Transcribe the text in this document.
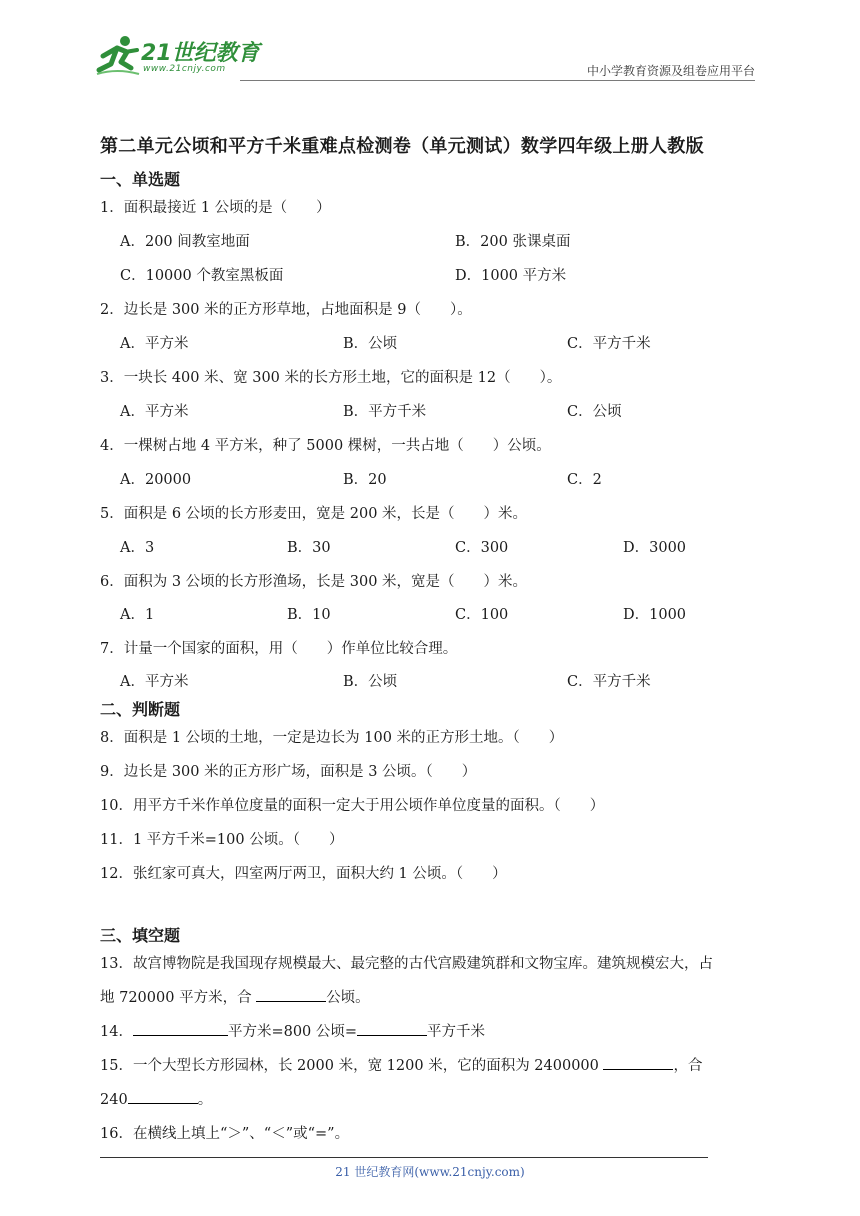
21世纪教育
www.21cnjy.com	中小学教育资源及组卷应用平台
第二单元公顷和平方千米重难点检测卷（单元测试）数学四年级上册人教版
一、单选题
1．面积最接近 1 公顷的是（　　）
A．200 间教室地面	B．200 张课桌面
C．10000 个教室黑板面	D．1000 平方米
2．边长是 300 米的正方形草地，占地面积是 9（　　）。
A．平方米	B．公顷	C．平方千米
3．一块长 400 米、宽 300 米的长方形土地，它的面积是 12（　　）。
A．平方米	B．平方千米	C．公顷
4．一棵树占地 4 平方米，种了 5000 棵树，一共占地（　　）公顷。
A．20000	B．20	C．2
5．面积是 6 公顷的长方形麦田，宽是 200 米，长是（　　）米。
A．3	B．30	C．300	D．3000
6．面积为 3 公顷的长方形渔场，长是 300 米，宽是（　　）米。
A．1	B．10	C．100	D．1000
7．计量一个国家的面积，用（　　）作单位比较合理。
A．平方米	B．公顷	C．平方千米
二、判断题
8．面积是 1 公顷的土地，一定是边长为 100 米的正方形土地。（　　）
9．边长是 300 米的正方形广场，面积是 3 公顷。（　　）
10．用平方千米作单位度量的面积一定大于用公顷作单位度量的面积。（　　）
11．1 平方千米=100 公顷。（　　）
12．张红家可真大，四室两厅两卫，面积大约 1 公顷。（　　）
三、填空题
13．故宫博物院是我国现存规模最大、最完整的古代宫殿建筑群和文物宝库。建筑规模宏大，占
地 720000 平方米，合	公顷。
14．	平方米=800 公顷=	平方千米
15．一个大型长方形园林，长 2000 米，宽 1200 米，它的面积为 2400000	，合
240	。
16．在横线上填上“＞”、“＜”或“=”。
21 世纪教育网(www.21cnjy.com)
